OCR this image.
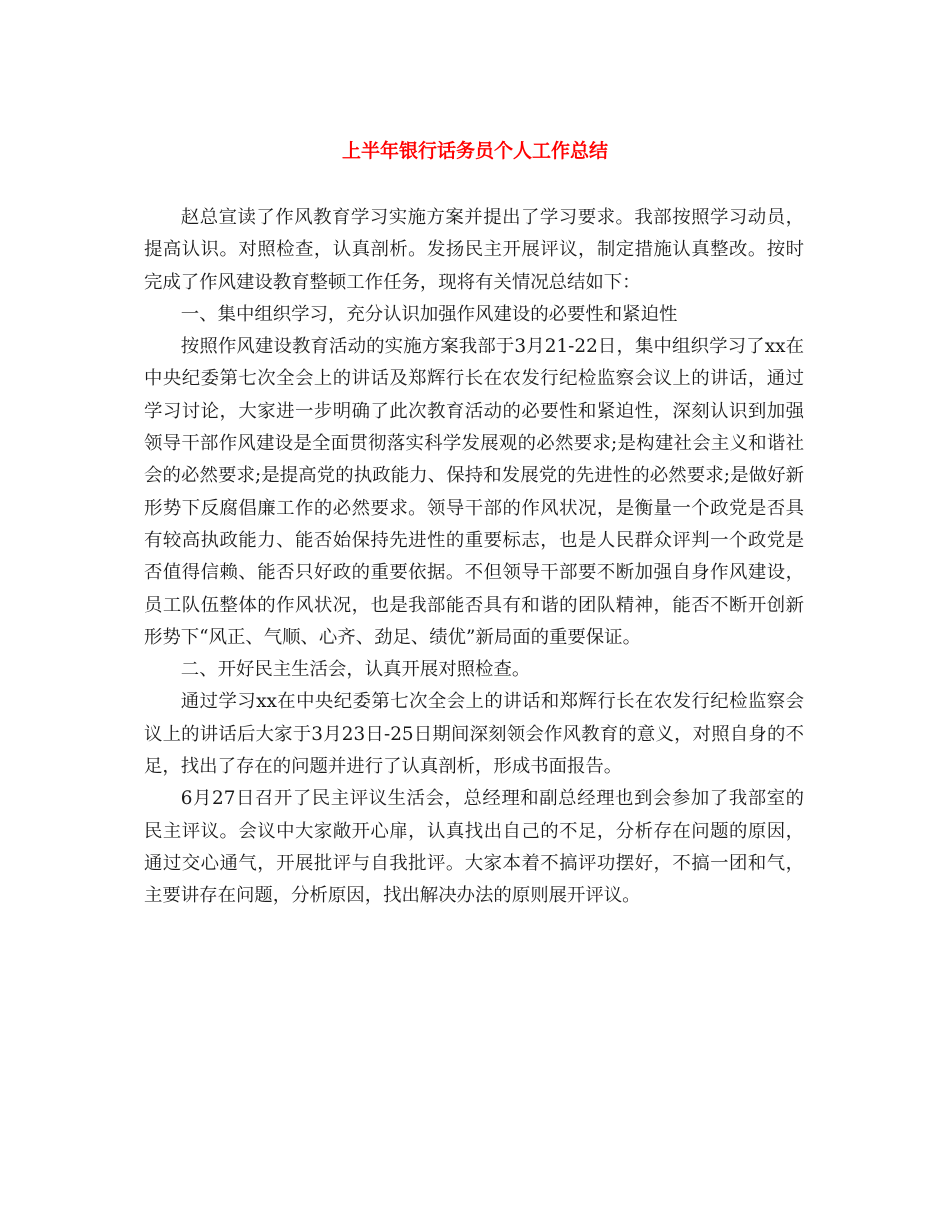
上半年银行话务员个人工作总结

赵总宣读了作风教育学习实施方案并提出了学习要求。我部按照学习动员，提高认识。对照检查，认真剖析。发扬民主开展评议，制定措施认真整改。按时完成了作风建设教育整顿工作任务，现将有关情况总结如下：

一、集中组织学习，充分认识加强作风建设的必要性和紧迫性

按照作风建设教育活动的实施方案我部于3月21-22日，集中组织学习了xx在中央纪委第七次全会上的讲话及郑辉行长在农发行纪检监察会议上的讲话，通过学习讨论，大家进一步明确了此次教育活动的必要性和紧迫性，深刻认识到加强领导干部作风建设是全面贯彻落实科学发展观的必然要求;是构建社会主义和谐社会的必然要求;是提高党的执政能力、保持和发展党的先进性的必然要求;是做好新形势下反腐倡廉工作的必然要求。领导干部的作风状况，是衡量一个政党是否具有较高执政能力、能否始保持先进性的重要标志，也是人民群众评判一个政党是否值得信赖、能否只好政的重要依据。不但领导干部要不断加强自身作风建设，员工队伍整体的作风状况，也是我部能否具有和谐的团队精神，能否不断开创新形势下“风正、气顺、心齐、劲足、绩优”新局面的重要保证。

二、开好民主生活会，认真开展对照检查。

通过学习xx在中央纪委第七次全会上的讲话和郑辉行长在农发行纪检监察会议上的讲话后大家于3月23日-25日期间深刻领会作风教育的意义，对照自身的不足，找出了存在的问题并进行了认真剖析，形成书面报告。

6月27日召开了民主评议生活会，总经理和副总经理也到会参加了我部室的民主评议。会议中大家敞开心扉，认真找出自己的不足，分析存在问题的原因，通过交心通气，开展批评与自我批评。大家本着不搞评功摆好，不搞一团和气，主要讲存在问题，分析原因，找出解决办法的原则展开评议。
